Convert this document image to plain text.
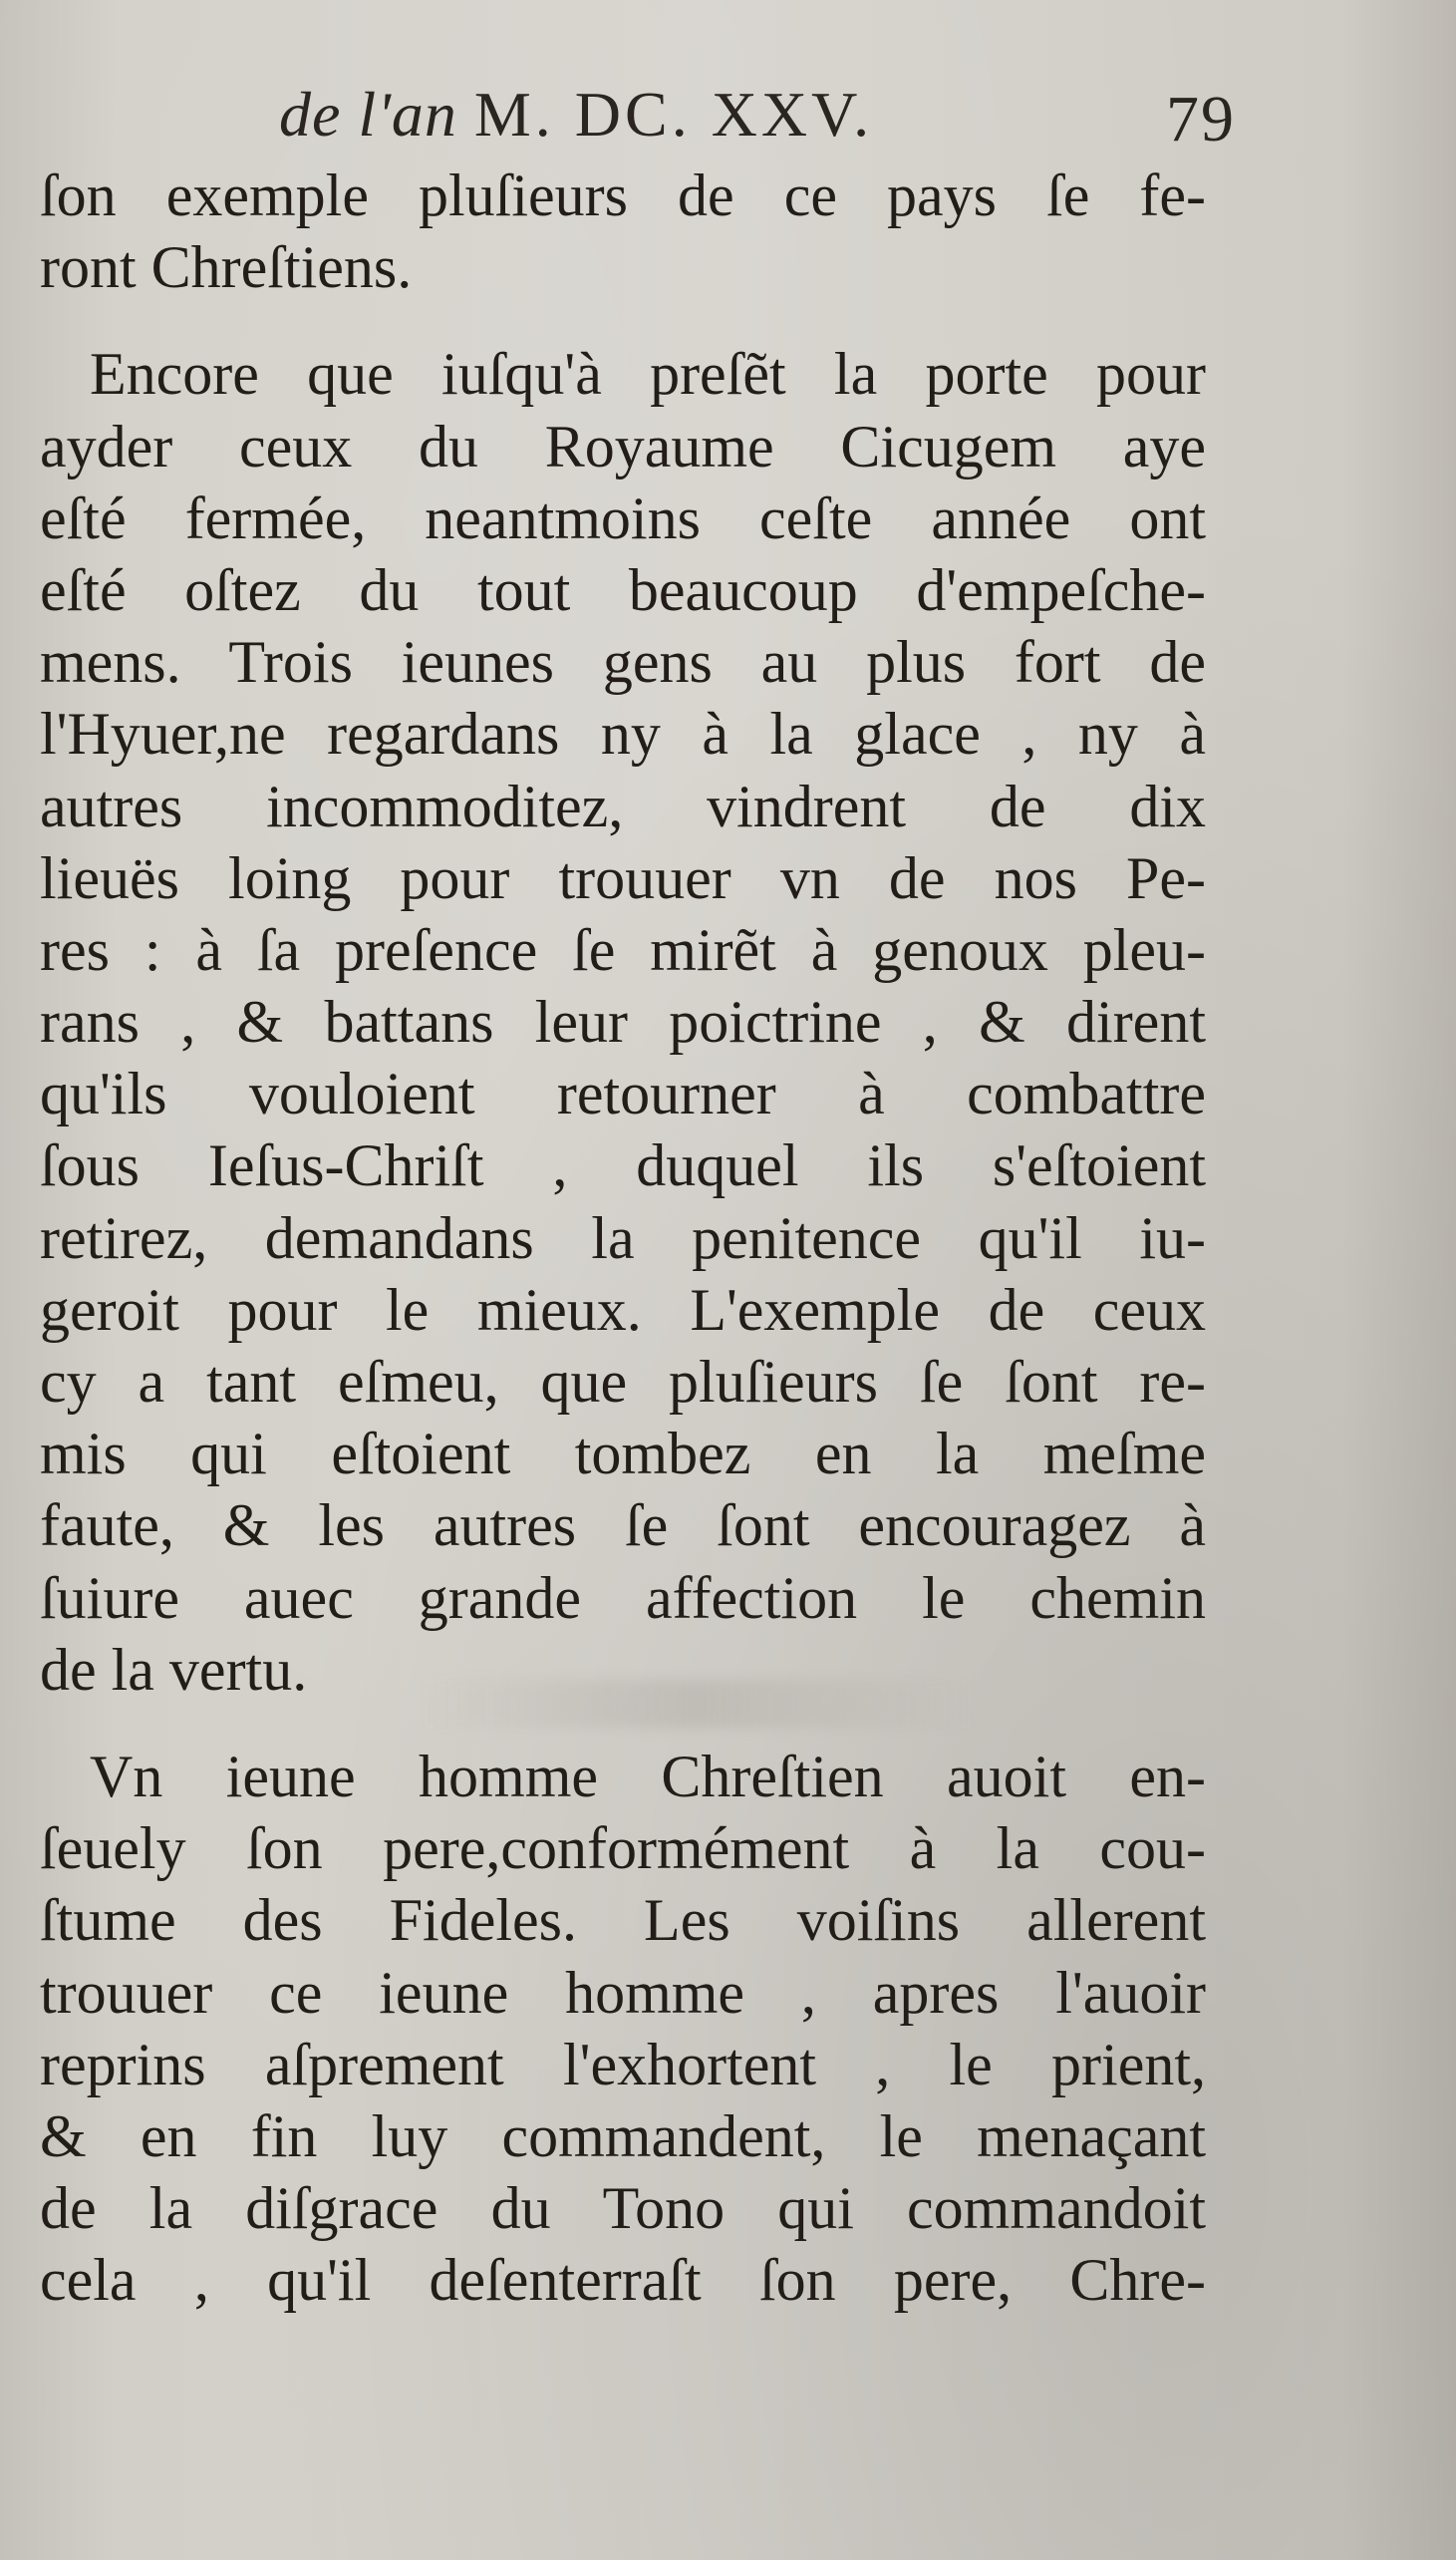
de l'an M. DC. XXV.	79
ſon exemple pluſieurs de ce pays ſe fe-
ront Chreſtiens.
Encore que iuſqu'à preſẽt la porte pour
ayder ceux du Royaume Cicugem aye
eſté fermée, neantmoins ceſte année ont
eſté oſtez du tout beaucoup d'empeſche-
mens. Trois ieunes gens au plus fort de
l'Hyuer,ne regardans ny à la glace , ny à
autres incommoditez, vindrent de dix
lieuës loing pour trouuer vn de nos Pe-
res : à ſa preſence ſe mirẽt à genoux pleu-
rans , & battans leur poictrine , & dirent
qu'ils vouloient retourner à combattre
ſous Ieſus-Chriſt , duquel ils s'eſtoient
retirez, demandans la penitence qu'il iu-
geroit pour le mieux. L'exemple de ceux
cy a tant eſmeu, que pluſieurs ſe ſont re-
mis qui eſtoient tombez en la meſme
faute, & les autres ſe ſont encouragez à
ſuiure auec grande affection le chemin
de la vertu.
Vn ieune homme Chreſtien auoit en-
ſeuely ſon pere,conformément à la cou-
ſtume des Fideles. Les voiſins allerent
trouuer ce ieune homme , apres l'auoir
reprins aſprement l'exhortent , le prient,
& en fin luy commandent, le menaçant
de la diſgrace du Tono qui commandoit
cela , qu'il deſenterraſt ſon pere, Chre-
